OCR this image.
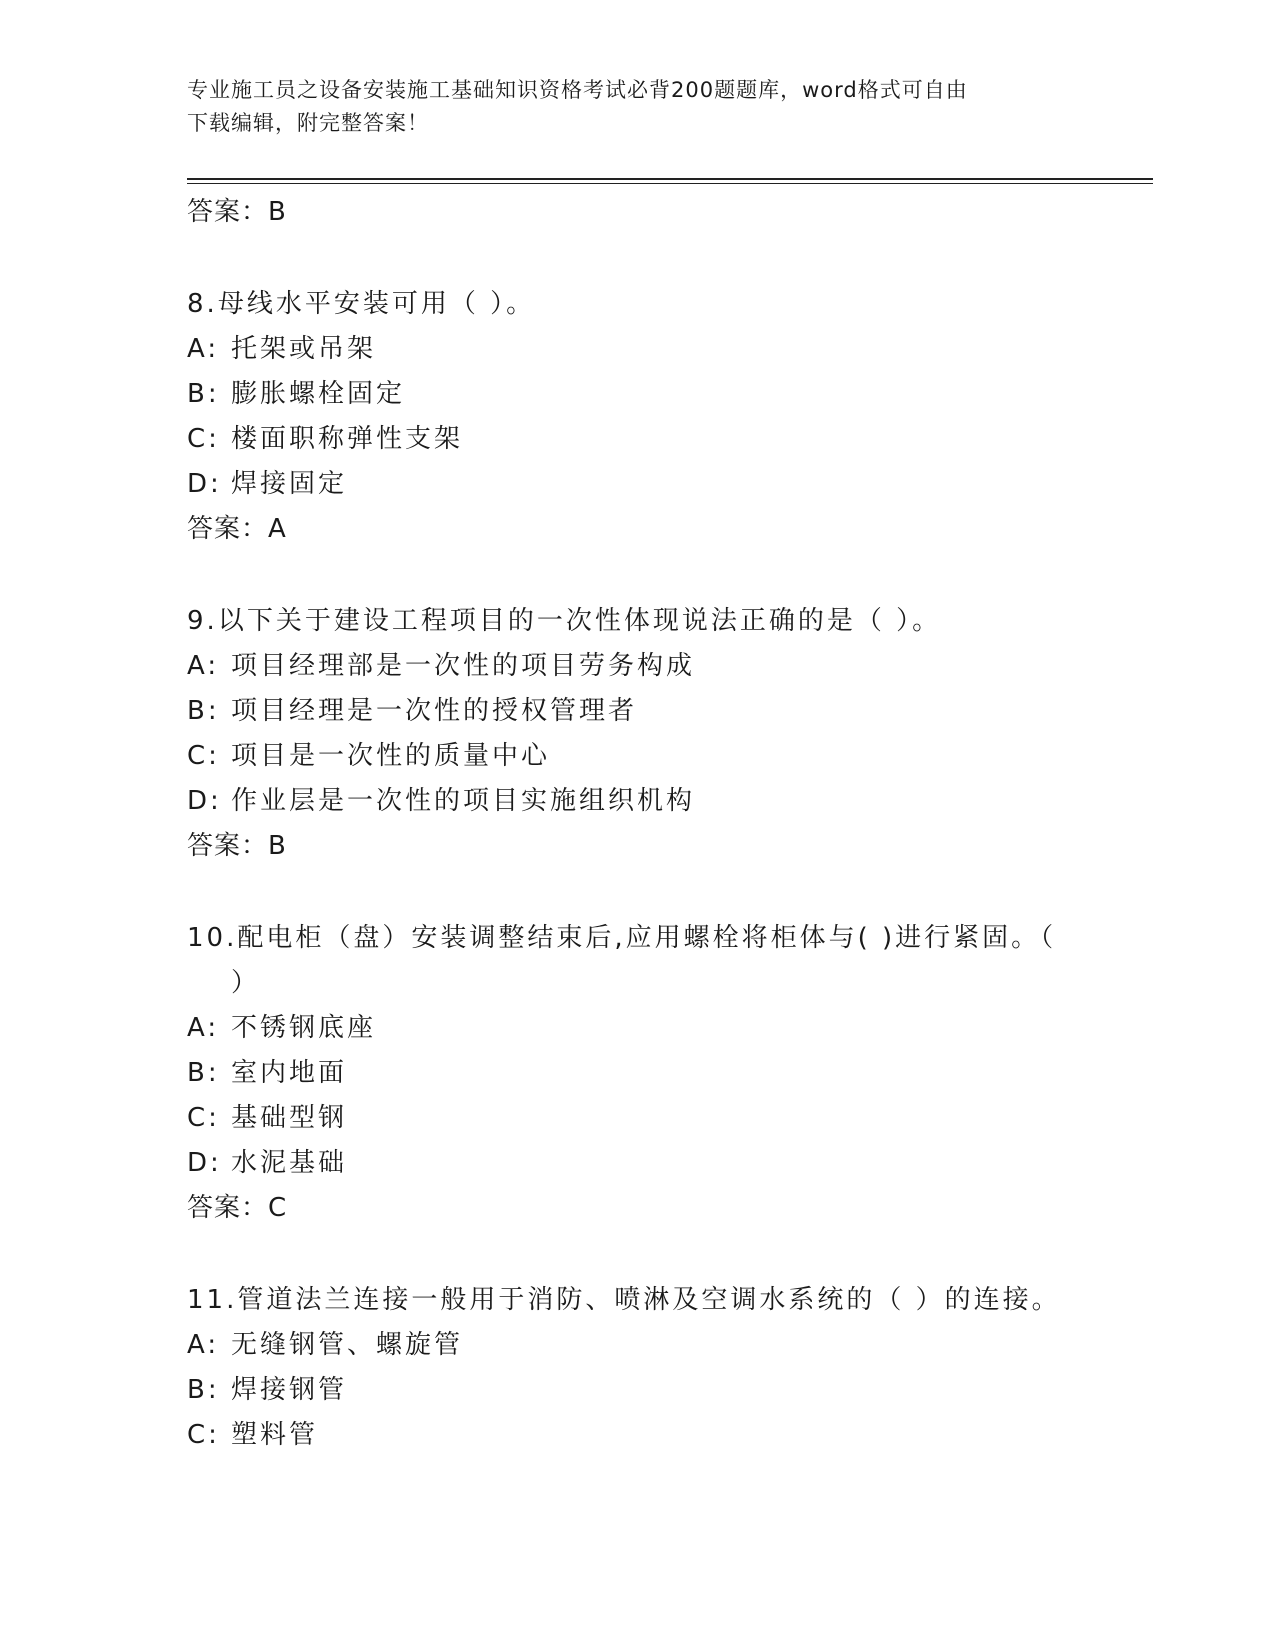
专业施工员之设备安装施工基础知识资格考试必背200题题库，word格式可自由
下载编辑，附完整答案！
答案：B
8.母线水平安装可用（ ）。
A: 托架或吊架
B: 膨胀螺栓固定
C: 楼面职称弹性支架
D: 焊接固定
答案：A
9.以下关于建设工程项目的一次性体现说法正确的是（ ）。
A: 项目经理部是一次性的项目劳务构成
B: 项目经理是一次性的授权管理者
C: 项目是一次性的质量中心
D: 作业层是一次性的项目实施组织机构
答案：B
10.配电柜（盘）安装调整结束后,应用螺栓将柜体与( )进行紧固。（
）
A: 不锈钢底座
B: 室内地面
C: 基础型钢
D: 水泥基础
答案：C
11.管道法兰连接一般用于消防、喷淋及空调水系统的（ ）的连接。
A: 无缝钢管、螺旋管
B: 焊接钢管
C: 塑料管
